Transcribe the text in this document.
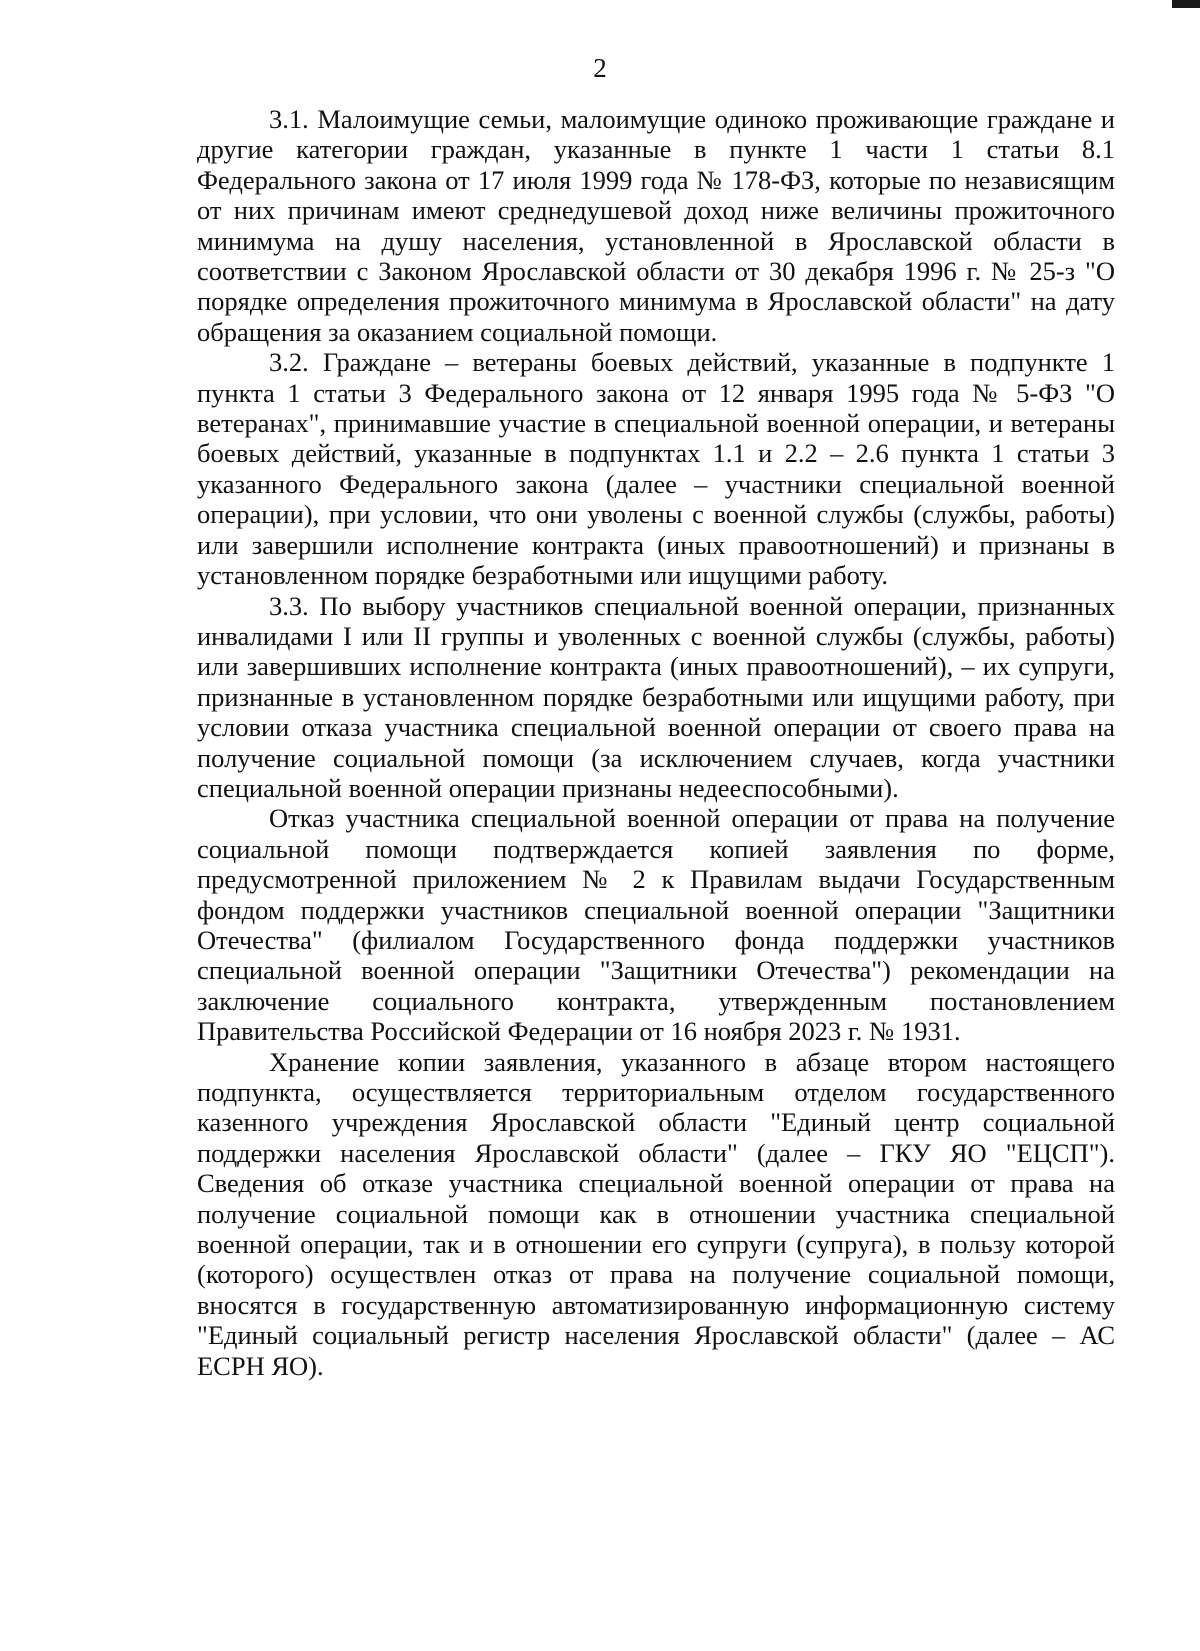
2

3.1. Малоимущие семьи, малоимущие одиноко проживающие граждане и другие категории граждан, указанные в пункте 1 части 1 статьи 8.1 Федерального закона от 17 июля 1999 года № 178-ФЗ, которые по независящим от них причинам имеют среднедушевой доход ниже величины прожиточного минимума на душу населения, установленной в Ярославской области в соответствии с Законом Ярославской области от 30 декабря 1996 г. № 25-з "О порядке определения прожиточного минимума в Ярославской области" на дату обращения за оказанием социальной помощи.

3.2. Граждане – ветераны боевых действий, указанные в подпункте 1 пункта 1 статьи 3 Федерального закона от 12 января 1995 года № 5-ФЗ "О ветеранах", принимавшие участие в специальной военной операции, и ветераны боевых действий, указанные в подпунктах 1.1 и 2.2 – 2.6 пункта 1 статьи 3 указанного Федерального закона (далее – участники специальной военной операции), при условии, что они уволены с военной службы (службы, работы) или завершили исполнение контракта (иных правоотношений) и признаны в установленном порядке безработными или ищущими работу.

3.3. По выбору участников специальной военной операции, признанных инвалидами I или II группы и уволенных с военной службы (службы, работы) или завершивших исполнение контракта (иных правоотношений), – их супруги, признанные в установленном порядке безработными или ищущими работу, при условии отказа участника специальной военной операции от своего права на получение социальной помощи (за исключением случаев, когда участники специальной военной операции признаны недееспособными).

Отказ участника специальной военной операции от права на получение социальной помощи подтверждается копией заявления по форме, предусмотренной приложением № 2 к Правилам выдачи Государственным фондом поддержки участников специальной военной операции "Защитники Отечества" (филиалом Государственного фонда поддержки участников специальной военной операции "Защитники Отечества") рекомендации на заключение социального контракта, утвержденным постановлением Правительства Российской Федерации от 16 ноября 2023 г. № 1931.

Хранение копии заявления, указанного в абзаце втором настоящего подпункта, осуществляется территориальным отделом государственного казенного учреждения Ярославской области "Единый центр социальной поддержки населения Ярославской области" (далее – ГКУ ЯО "ЕЦСП"). Сведения об отказе участника специальной военной операции от права на получение социальной помощи как в отношении участника специальной военной операции, так и в отношении его супруги (супруга), в пользу которой (которого) осуществлен отказ от права на получение социальной помощи, вносятся в государственную автоматизированную информационную систему "Единый социальный регистр населения Ярославской области" (далее – АС ЕСРН ЯО).
